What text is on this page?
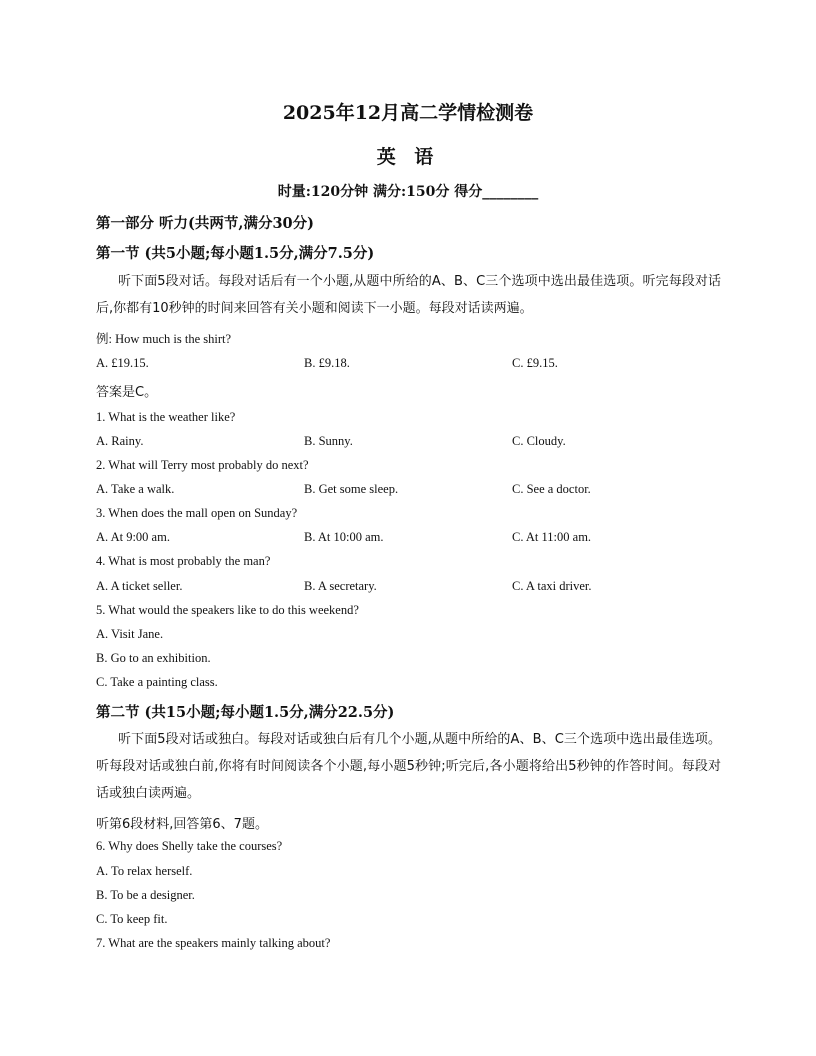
2025年12月高二学情检测卷
英 语
时量:120分钟 满分:150分 得分________
第一部分 听力(共两节,满分30分)
第一节 (共5小题;每小题1.5分,满分7.5分)
听下面5段对话。每段对话后有一个小题,从题中所给的A、B、C三个选项中选出最佳选项。听完每段对话后,你都有10秒钟的时间来回答有关小题和阅读下一小题。每段对话读两遍。
例: How much is the shirt?
A. £19.15.	B. £9.18.	C. £9.15.
答案是C。
1. What is the weather like?
A. Rainy.	B. Sunny.	C. Cloudy.
2. What will Terry most probably do next?
A. Take a walk.	B. Get some sleep.	C. See a doctor.
3. When does the mall open on Sunday?
A. At 9:00 am.	B. At 10:00 am.	C. At 11:00 am.
4. What is most probably the man?
A. A ticket seller.	B. A secretary.	C. A taxi driver.
5. What would the speakers like to do this weekend?
A. Visit Jane.
B. Go to an exhibition.
C. Take a painting class.
第二节 (共15小题;每小题1.5分,满分22.5分)
听下面5段对话或独白。每段对话或独白后有几个小题,从题中所给的A、B、C三个选项中选出最佳选项。听每段对话或独白前,你将有时间阅读各个小题,每小题5秒钟;听完后,各小题将给出5秒钟的作答时间。每段对话或独白读两遍。
听第6段材料,回答第6、7题。
6. Why does Shelly take the courses?
A. To relax herself.
B. To be a designer.
C. To keep fit.
7. What are the speakers mainly talking about?
